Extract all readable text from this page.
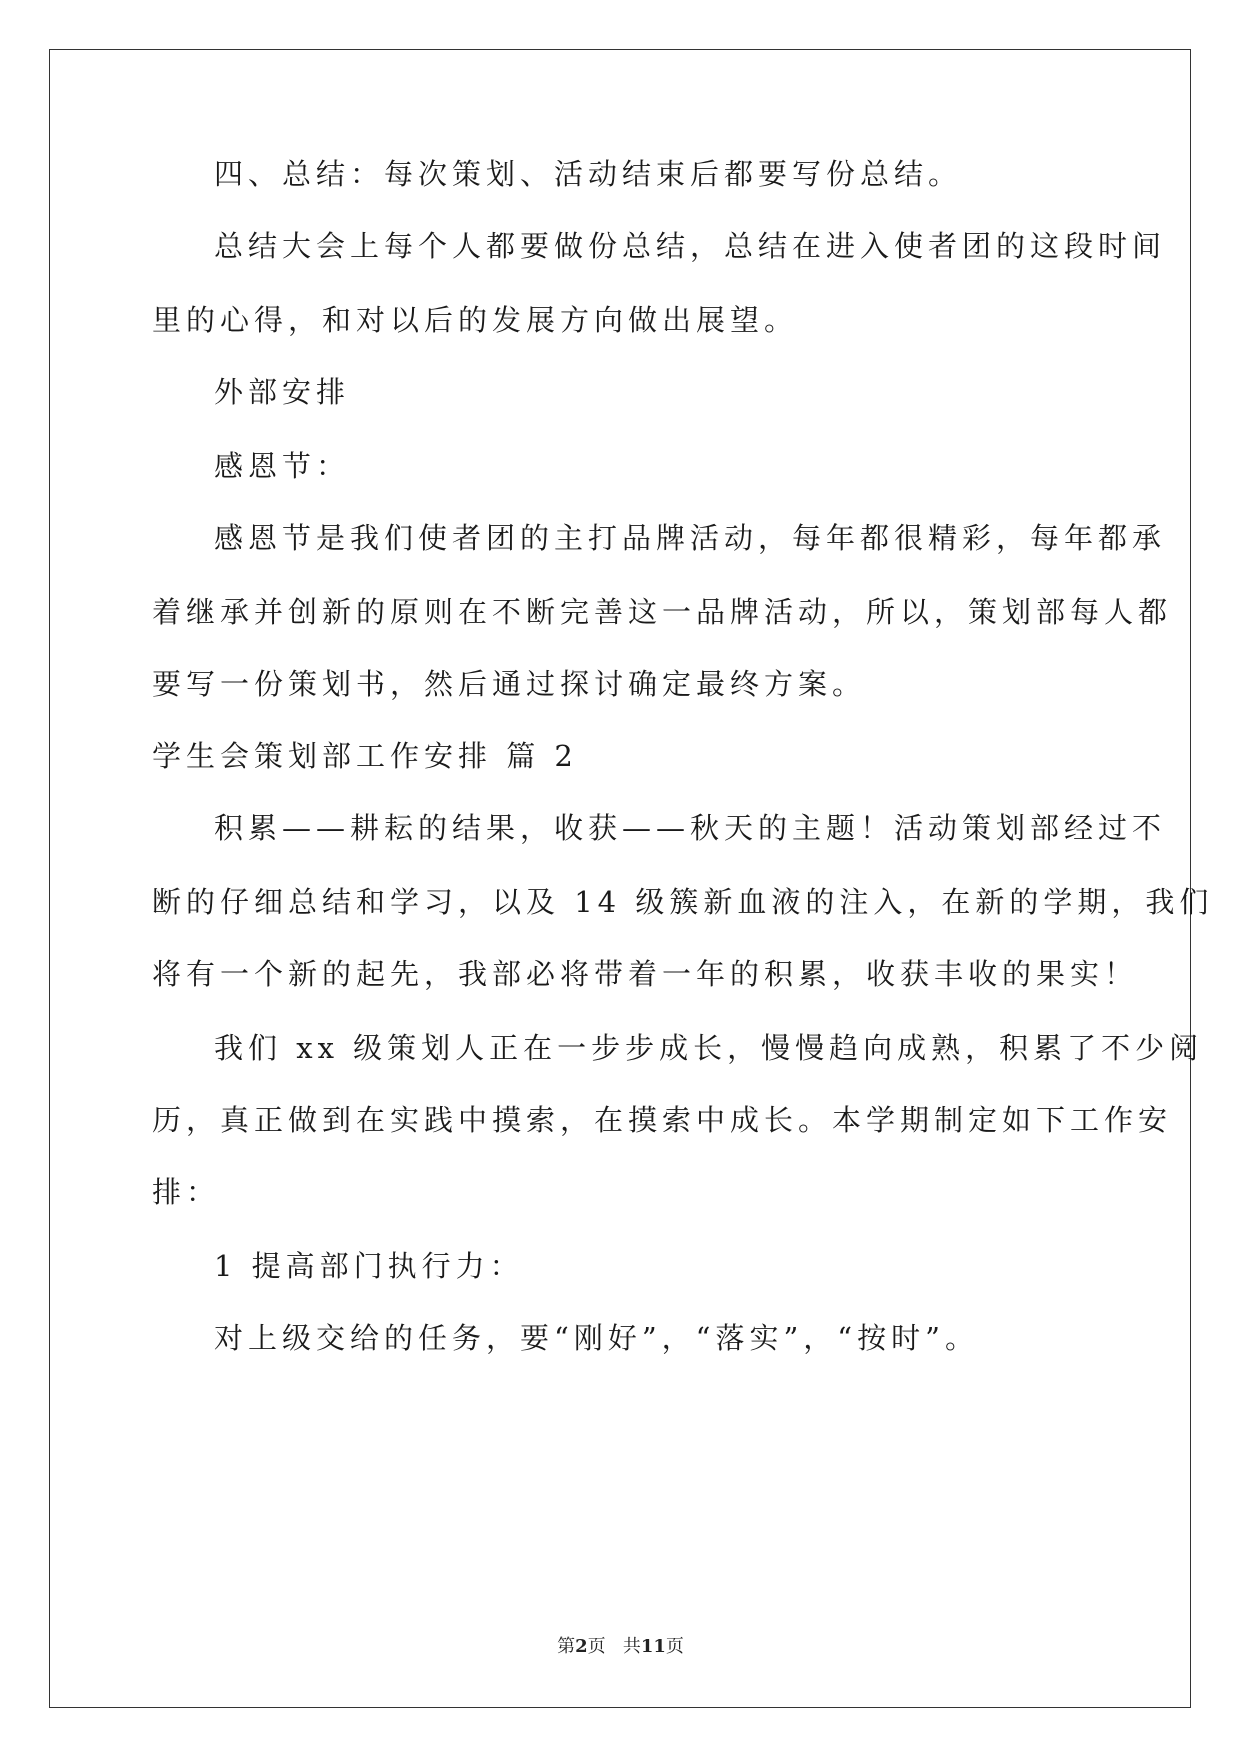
四、总结：每次策划、活动结束后都要写份总结。
总结大会上每个人都要做份总结，总结在进入使者团的这段时间
里的心得，和对以后的发展方向做出展望。
外部安排
感恩节：
感恩节是我们使者团的主打品牌活动，每年都很精彩，每年都承
着继承并创新的原则在不断完善这一品牌活动，所以，策划部每人都
要写一份策划书，然后通过探讨确定最终方案。
学生会策划部工作安排 篇 2
积累——耕耘的结果，收获——秋天的主题！活动策划部经过不
断的仔细总结和学习，以及 14 级簇新血液的注入，在新的学期，我们
将有一个新的起先，我部必将带着一年的积累，收获丰收的果实！
我们 xx 级策划人正在一步步成长，慢慢趋向成熟，积累了不少阅
历，真正做到在实践中摸索，在摸索中成长。本学期制定如下工作安
排：
1 提高部门执行力：
对上级交给的任务，要“刚好”，“落实”，“按时”。
第2页 共11页
